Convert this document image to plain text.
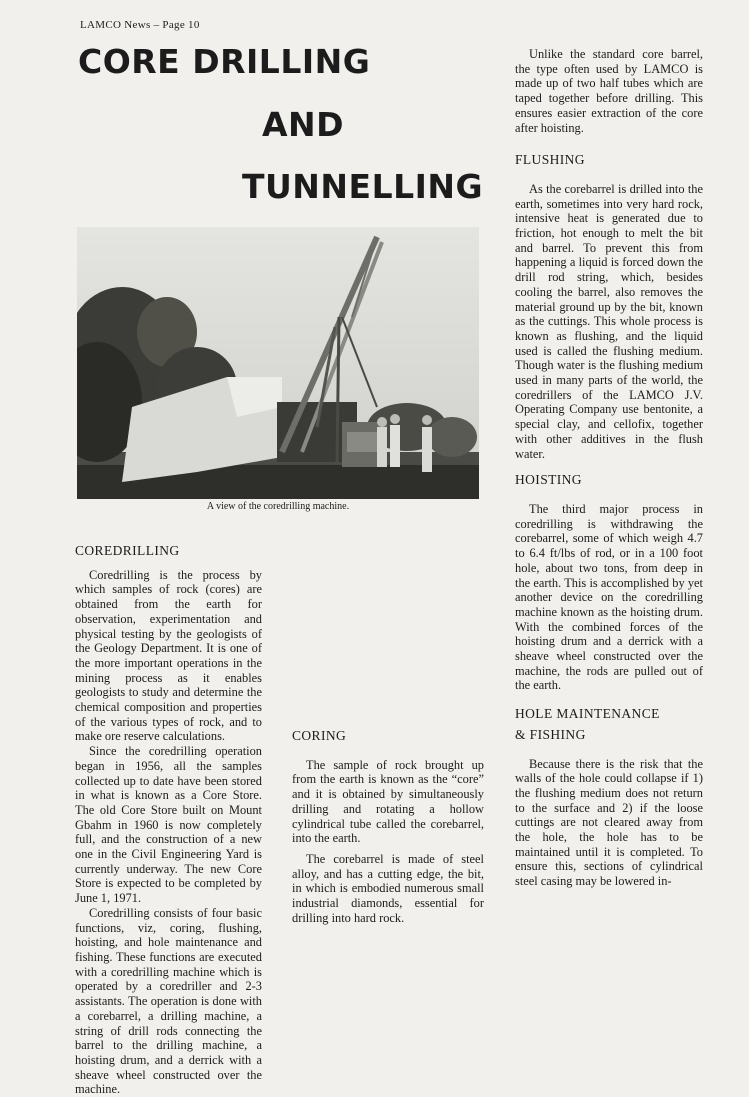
LAMCO News – Page 10
CORE DRILLING
AND
TUNNELLING
A view of the coredrilling machine.
COREDRILLING

Coredrilling is the process by which samples of rock (cores) are obtained from the earth for observation, experimentation and physical testing by the geologists of the Geology Department. It is one of the more important operations in the mining process as it enables geologists to study and determine the chemical composition and properties of the various types of rock, and to make ore reserve calculations.

Since the coredrilling operation began in 1956, all the samples collected up to date have been stored in what is known as a Core Store. The old Core Store built on Mount Gbahm in 1960 is now completely full, and the construction of a new one in the Civil Engineering Yard is currently underway. The new Core Store is expected to be completed by June 1, 1971.

Coredrilling consists of four basic functions, viz, coring, flushing, hoisting, and hole maintenance and fishing. These functions are executed with a coredrilling machine which is operated by a coredriller and 2-3 assistants. The operation is done with a corebarrel, a drilling machine, a string of drill rods connecting the barrel to the drilling machine, a hoisting drum, and a derrick with a sheave wheel constructed over the machine.

CORING

The sample of rock brought up from the earth is known as the “core” and it is obtained by simultaneously drilling and rotating a hollow cylindrical tube called the corebarrel, into the earth.

The corebarrel is made of steel alloy, and has a cutting edge, the bit, in which is embodied numerous small industrial diamonds, essential for drilling into hard rock.

Unlike the standard core barrel, the type often used by LAMCO is made up of two half tubes which are taped together before drilling. This ensures easier extraction of the core after hoisting.

FLUSHING

As the corebarrel is drilled into the earth, sometimes into very hard rock, intensive heat is generated due to friction, hot enough to melt the bit and barrel. To prevent this from happening a liquid is forced down the drill rod string, which, besides cooling the barrel, also removes the material ground up by the bit, known as the cuttings. This whole process is known as flushing, and the liquid used is called the flushing medium. Though water is the flushing medium used in many parts of the world, the coredrillers of the LAMCO J.V. Operating Company use bentonite, a special clay, and cellofix, together with other additives in the flush water.

HOISTING

The third major process in coredrilling is withdrawing the corebarrel, some of which weigh 4.7 to 6.4 ft/lbs of rod, or in a 100 foot hole, about two tons, from deep in the earth. This is accomplished by yet another device on the coredrilling machine known as the hoisting drum. With the combined forces of the hoisting drum and a derrick with a sheave wheel constructed over the machine, the rods are pulled out of the earth.

HOLE MAINTENANCE
& FISHING

Because there is the risk that the walls of the hole could collapse if 1) the flushing medium does not return to the surface and 2) if the loose cuttings are not cleared away from the hole, the hole has to be maintained until it is completed. To ensure this, sections of cylindrical steel casing may be lowered in-
